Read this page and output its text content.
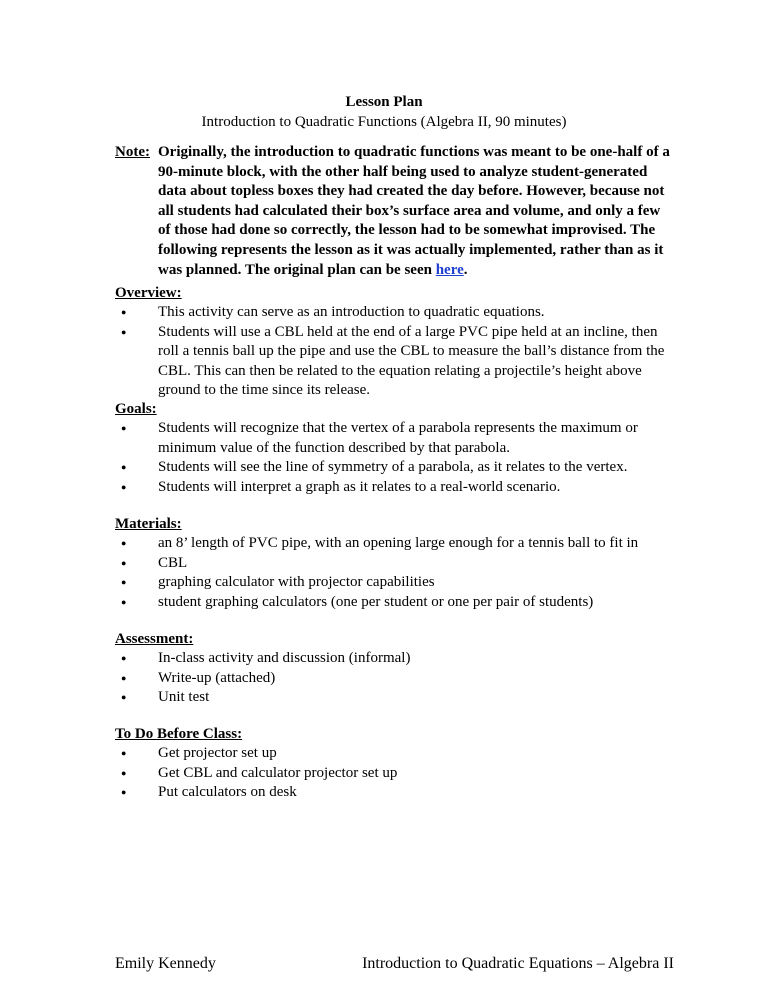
Lesson Plan
Introduction to Quadratic Functions (Algebra II, 90 minutes)
Note: Originally, the introduction to quadratic functions was meant to be one-half of a 90-minute block, with the other half being used to analyze student-generated data about topless boxes they had created the day before. However, because not all students had calculated their box’s surface area and volume, and only a few of those had done so correctly, the lesson had to be somewhat improvised. The following represents the lesson as it was actually implemented, rather than as it was planned. The original plan can be seen here.
Overview:
● This activity can serve as an introduction to quadratic equations.
● Students will use a CBL held at the end of a large PVC pipe held at an incline, then roll a tennis ball up the pipe and use the CBL to measure the ball’s distance from the CBL. This can then be related to the equation relating a projectile’s height above ground to the time since its release.
Goals:
● Students will recognize that the vertex of a parabola represents the maximum or minimum value of the function described by that parabola.
● Students will see the line of symmetry of a parabola, as it relates to the vertex.
● Students will interpret a graph as it relates to a real-world scenario.
Materials:
● an 8’ length of PVC pipe, with an opening large enough for a tennis ball to fit in
● CBL
● graphing calculator with projector capabilities
● student graphing calculators (one per student or one per pair of students)
Assessment:
● In-class activity and discussion (informal)
● Write-up (attached)
● Unit test
To Do Before Class:
● Get projector set up
● Get CBL and calculator projector set up
● Put calculators on desk
Emily Kennedy	Introduction to Quadratic Equations – Algebra II
